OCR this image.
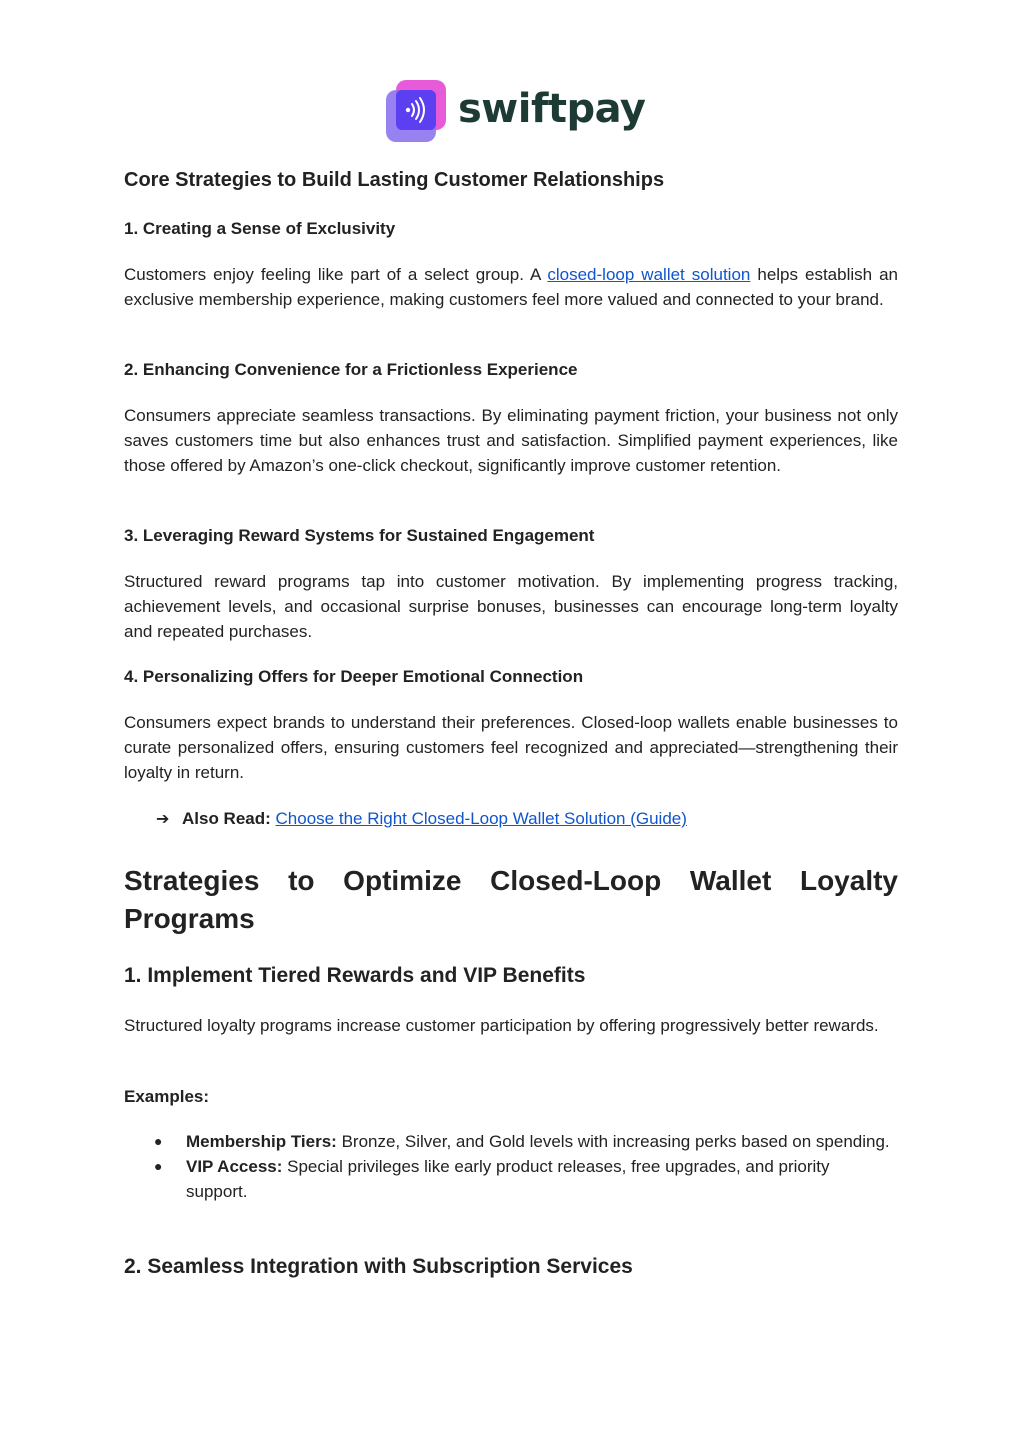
swiftpay
Core Strategies to Build Lasting Customer Relationships
1. Creating a Sense of Exclusivity

Customers enjoy feeling like part of a select group. A closed-loop wallet solution helps establish an exclusive membership experience, making customers feel more valued and connected to your brand.

2. Enhancing Convenience for a Frictionless Experience

Consumers appreciate seamless transactions. By eliminating payment friction, your business not only saves customers time but also enhances trust and satisfaction. Simplified payment experiences, like those offered by Amazon’s one-click checkout, significantly improve customer retention.

3. Leveraging Reward Systems for Sustained Engagement

Structured reward programs tap into customer motivation. By implementing progress tracking, achievement levels, and occasional surprise bonuses, businesses can encourage long-term loyalty and repeated purchases.

4. Personalizing Offers for Deeper Emotional Connection

Consumers expect brands to understand their preferences. Closed-loop wallets enable businesses to curate personalized offers, ensuring customers feel recognized and appreciated—strengthening their loyalty in return.

➔ Also Read: Choose the Right Closed-Loop Wallet Solution (Guide)
Strategies to Optimize Closed-Loop Wallet Loyalty Programs
1. Implement Tiered Rewards and VIP Benefits

Structured loyalty programs increase customer participation by offering progressively better rewards.

Examples:

● Membership Tiers: Bronze, Silver, and Gold levels with increasing perks based on spending.
● VIP Access: Special privileges like early product releases, free upgrades, and priority support.
2. Seamless Integration with Subscription Services
